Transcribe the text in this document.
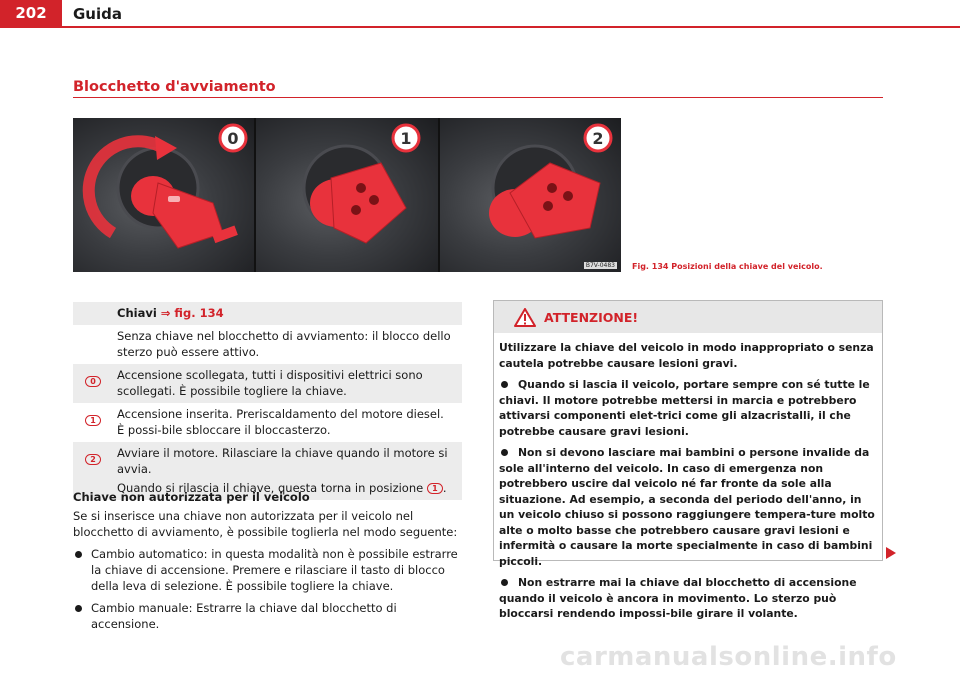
202	Guida
Blocchetto d'avviamento
0	1	2
B7V-0483 Fig. 134 Posizioni della chiave del veicolo.
Chiavi ⇒ fig. 134
Senza chiave nel blocchetto di avviamento: il blocco dello sterzo può essere attivo.
0	Accensione scollegata, tutti i dispositivi elettrici sono scollegati. È possibile togliere la chiave.
1	Accensione inserita. Preriscaldamento del motore diesel. È possi-bile sbloccare il bloccasterzo.
2	Avviare il motore. Rilasciare la chiave quando il motore si avvia.

Quando si rilascia il chiave, questa torna in posizione 1 .

Chiave non autorizzata per il veicolo
Se si inserisce una chiave non autorizzata per il veicolo nel blocchetto di avviamento, è possibile toglierla nel modo seguente:
Cambio automatico: in questa modalità non è possibile estrarre la chiave di accensione. Premere e rilasciare il tasto di blocco della leva di selezione. È possibile togliere la chiave.
Cambio manuale: Estrarre la chiave dal blocchetto di accensione.
ATTENZIONE!
Utilizzare la chiave del veicolo in modo inappropriato o senza cautela potrebbe causare lesioni gravi.
Quando si lascia il veicolo, portare sempre con sé tutte le chiavi. Il motore potrebbe mettersi in marcia e potrebbero attivarsi componenti elet-trici come gli alzacristalli, il che potrebbe causare gravi lesioni.
Non si devono lasciare mai bambini o persone invalide da sole all'interno del veicolo. In caso di emergenza non potrebbero uscire dal veicolo né far fronte da sole alla situazione. Ad esempio, a seconda del periodo dell'anno, in un veicolo chiuso si possono raggiungere tempera-ture molto alte o molto basse che potrebbero causare gravi lesioni e infermità o causare la morte specialmente in caso di bambini piccoli.
Non estrarre mai la chiave dal blocchetto di accensione quando il veicolo è ancora in movimento. Lo sterzo può bloccarsi rendendo impossi-bile girare il volante.
carmanualsonline.info
